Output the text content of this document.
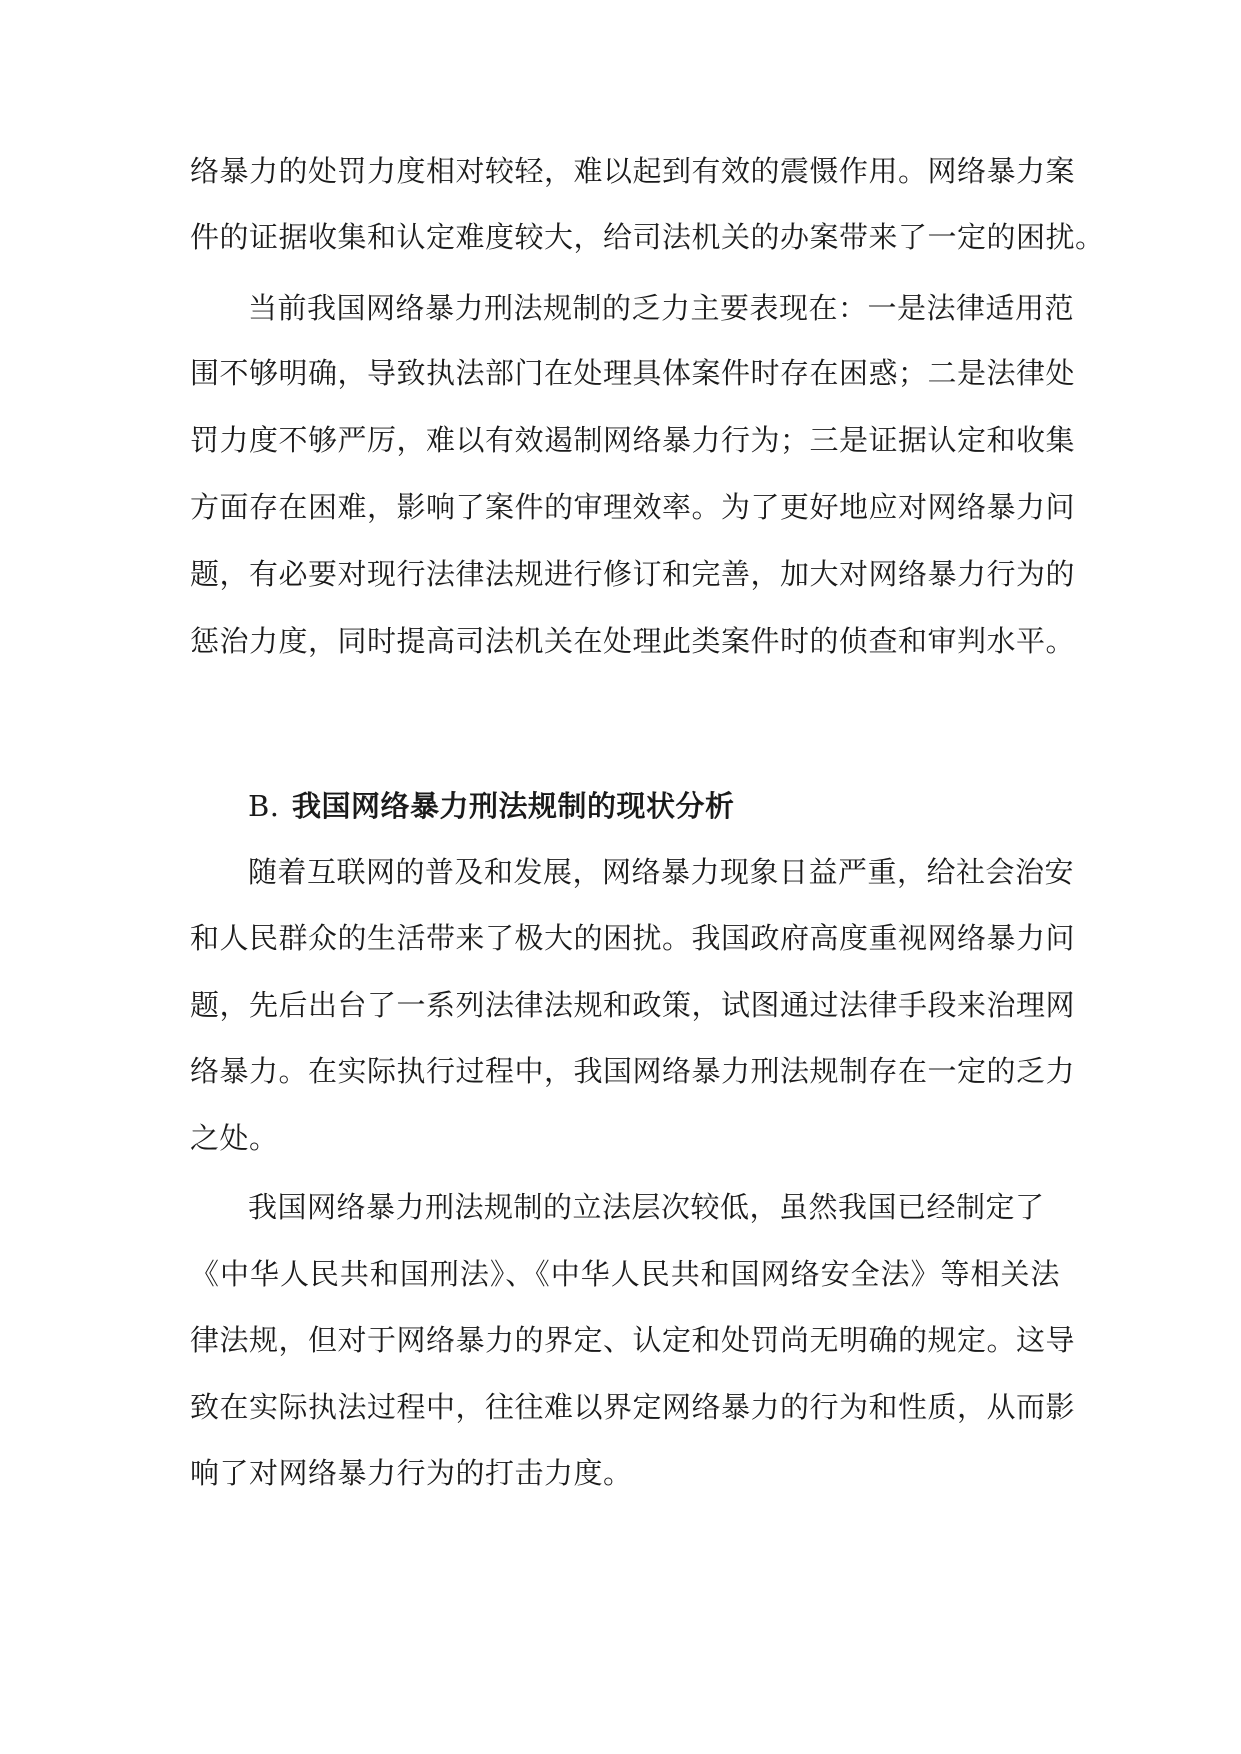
络暴力的处罚力度相对较轻，难以起到有效的震慑作用。网络暴力案
件的证据收集和认定难度较大，给司法机关的办案带来了一定的困扰。
当前我国网络暴力刑法规制的乏力主要表现在：一是法律适用范
围不够明确，导致执法部门在处理具体案件时存在困惑；二是法律处
罚力度不够严厉，难以有效遏制网络暴力行为；三是证据认定和收集
方面存在困难，影响了案件的审理效率。为了更好地应对网络暴力问
题，有必要对现行法律法规进行修订和完善，加大对网络暴力行为的
惩治力度，同时提高司法机关在处理此类案件时的侦查和审判水平。
B. 我国网络暴力刑法规制的现状分析
随着互联网的普及和发展，网络暴力现象日益严重，给社会治安
和人民群众的生活带来了极大的困扰。我国政府高度重视网络暴力问
题，先后出台了一系列法律法规和政策，试图通过法律手段来治理网
络暴力。在实际执行过程中，我国网络暴力刑法规制存在一定的乏力
之处。
我国网络暴力刑法规制的立法层次较低，虽然我国已经制定了
《中华人民共和国刑法》、《中华人民共和国网络安全法》等相关法
律法规，但对于网络暴力的界定、认定和处罚尚无明确的规定。这导
致在实际执法过程中，往往难以界定网络暴力的行为和性质，从而影
响了对网络暴力行为的打击力度。
